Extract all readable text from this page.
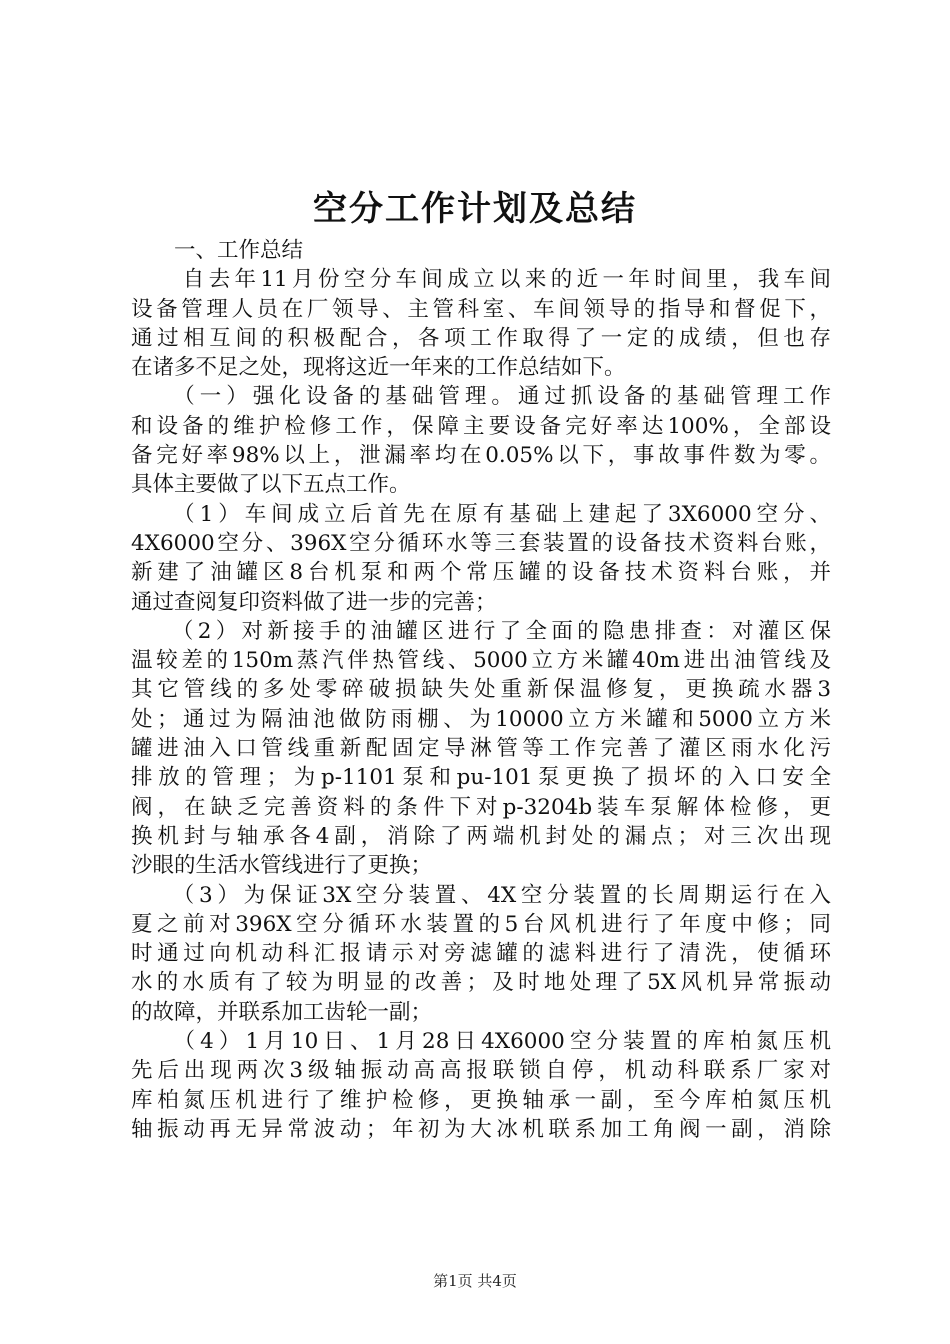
空分工作计划及总结
　　一、工作总结
　　自去年11月份空分车间成立以来的近一年时间里，我车间
设备管理人员在厂领导、主管科室、车间领导的指导和督促下，
通过相互间的积极配合，各项工作取得了一定的成绩，但也存
在诸多不足之处，现将这近一年来的工作总结如下。
　　（一）强化设备的基础管理。通过抓设备的基础管理工作
和设备的维护检修工作，保障主要设备完好率达100%，全部设
备完好率98%以上，泄漏率均在0.05%以下，事故事件数为零。
具体主要做了以下五点工作。
　　（1）车间成立后首先在原有基础上建起了3X6000空分、
4X6000空分、396X空分循环水等三套装置的设备技术资料台账，
新建了油罐区8台机泵和两个常压罐的设备技术资料台账，并
通过查阅复印资料做了进一步的完善；
　　（2）对新接手的油罐区进行了全面的隐患排查：对灌区保
温较差的150m蒸汽伴热管线、5000立方米罐40m进出油管线及
其它管线的多处零碎破损缺失处重新保温修复，更换疏水器3
处；通过为隔油池做防雨棚、为10000立方米罐和5000立方米
罐进油入口管线重新配固定导淋管等工作完善了灌区雨水化污
排放的管理；为p-1101泵和pu-101泵更换了损坏的入口安全
阀，在缺乏完善资料的条件下对p-3204b装车泵解体检修，更
换机封与轴承各4副，消除了两端机封处的漏点；对三次出现
沙眼的生活水管线进行了更换；
　　（3）为保证3X空分装置、4X空分装置的长周期运行在入
夏之前对396X空分循环水装置的5台风机进行了年度中修；同
时通过向机动科汇报请示对旁滤罐的滤料进行了清洗，使循环
水的水质有了较为明显的改善；及时地处理了5X风机异常振动
的故障，并联系加工齿轮一副；
　　（4）1月10日、1月28日4X6000空分装置的库柏氮压机
先后出现两次3级轴振动高高报联锁自停，机动科联系厂家对
库柏氮压机进行了维护检修，更换轴承一副，至今库柏氮压机
轴振动再无异常波动；年初为大冰机联系加工角阀一副，消除
第1页 共4页
